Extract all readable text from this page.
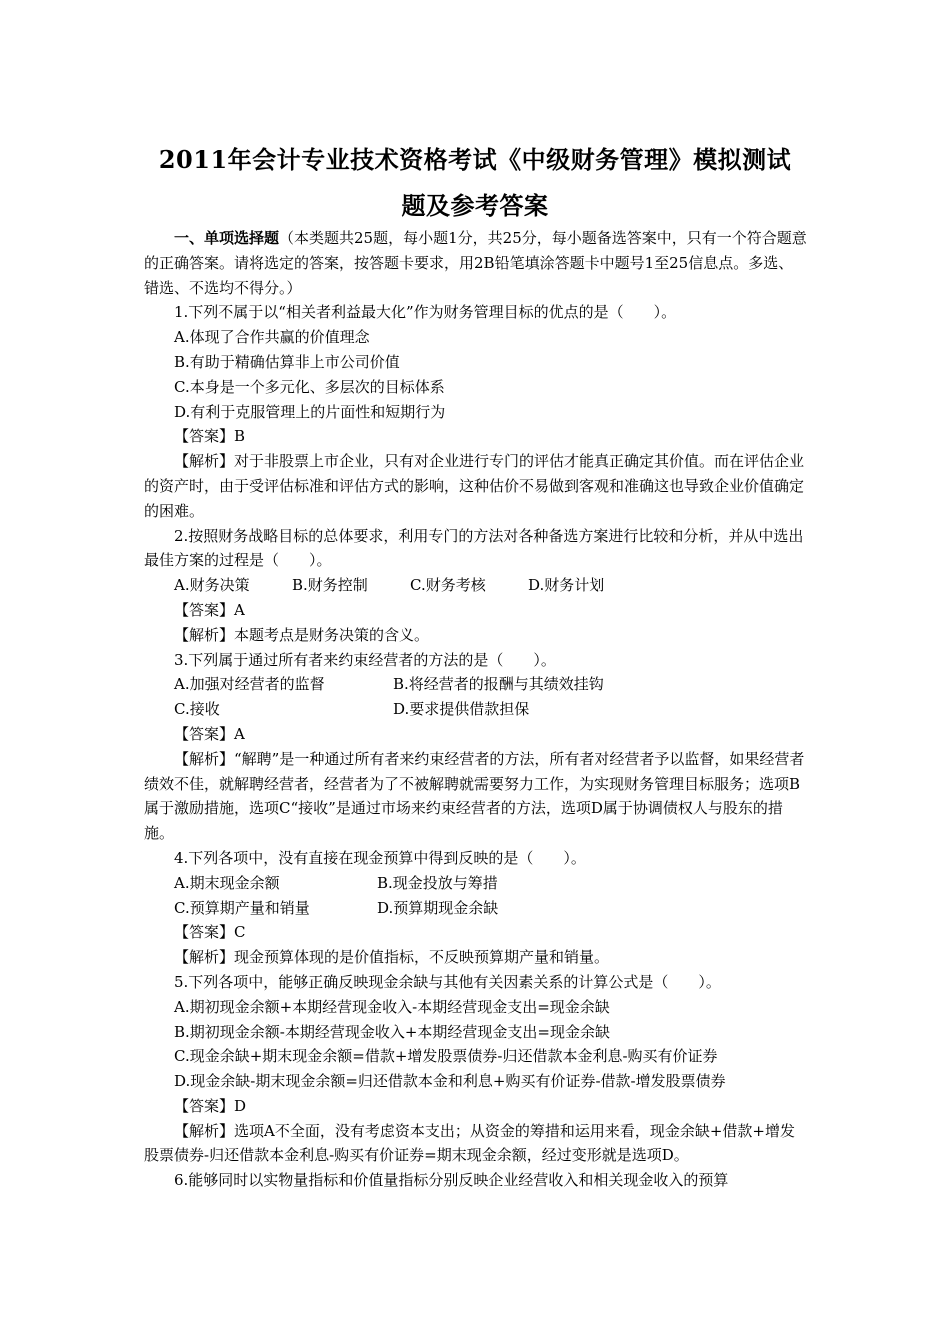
2011年会计专业技术资格考试《中级财务管理》模拟测试
题及参考答案

一、单项选择题（本类题共25题，每小题1分，共25分，每小题备选答案中，只有一个符合题意的正确答案。请将选定的答案，按答题卡要求，用2B铅笔填涂答题卡中题号1至25信息点。多选、错选、不选均不得分。）

1.下列不属于以“相关者利益最大化”作为财务管理目标的优点的是（　　）。

A.体现了合作共赢的价值理念

B.有助于精确估算非上市公司价值

C.本身是一个多元化、多层次的目标体系

D.有利于克服管理上的片面性和短期行为

【答案】B

【解析】对于非股票上市企业，只有对企业进行专门的评估才能真正确定其价值。而在评估企业的资产时，由于受评估标准和评估方式的影响，这种估价不易做到客观和准确这也导致企业价值确定的困难。

2.按照财务战略目标的总体要求，利用专门的方法对各种备选方案进行比较和分析，并从中选出最佳方案的过程是（　　）。

A.财务决策	B.财务控制	C.财务考核	D.财务计划

【答案】A

【解析】本题考点是财务决策的含义。

3.下列属于通过所有者来约束经营者的方法的是（　　）。

A.加强对经营者的监督	B.将经营者的报酬与其绩效挂钩
C.接收	D.要求提供借款担保

【答案】A

【解析】“解聘”是一种通过所有者来约束经营者的方法，所有者对经营者予以监督，如果经营者绩效不佳，就解聘经营者，经营者为了不被解聘就需要努力工作，为实现财务管理目标服务；选项B属于激励措施，选项C“接收”是通过市场来约束经营者的方法，选项D属于协调债权人与股东的措施。

4.下列各项中，没有直接在现金预算中得到反映的是（　　）。

A.期末现金余额	B.现金投放与筹措
C.预算期产量和销量	D.预算期现金余缺

【答案】C

【解析】现金预算体现的是价值指标，不反映预算期产量和销量。

5.下列各项中，能够正确反映现金余缺与其他有关因素关系的计算公式是（　　）。

A.期初现金余额+本期经营现金收入-本期经营现金支出=现金余缺

B.期初现金余额-本期经营现金收入+本期经营现金支出=现金余缺

C.现金余缺+期末现金余额=借款+增发股票债券-归还借款本金利息-购买有价证券

D.现金余缺-期末现金余额=归还借款本金和利息+购买有价证券-借款-增发股票债券

【答案】D

【解析】选项A不全面，没有考虑资本支出；从资金的筹措和运用来看，现金余缺+借款+增发股票债券-归还借款本金利息-购买有价证券=期末现金余额，经过变形就是选项D。

6.能够同时以实物量指标和价值量指标分别反映企业经营收入和相关现金收入的预算
